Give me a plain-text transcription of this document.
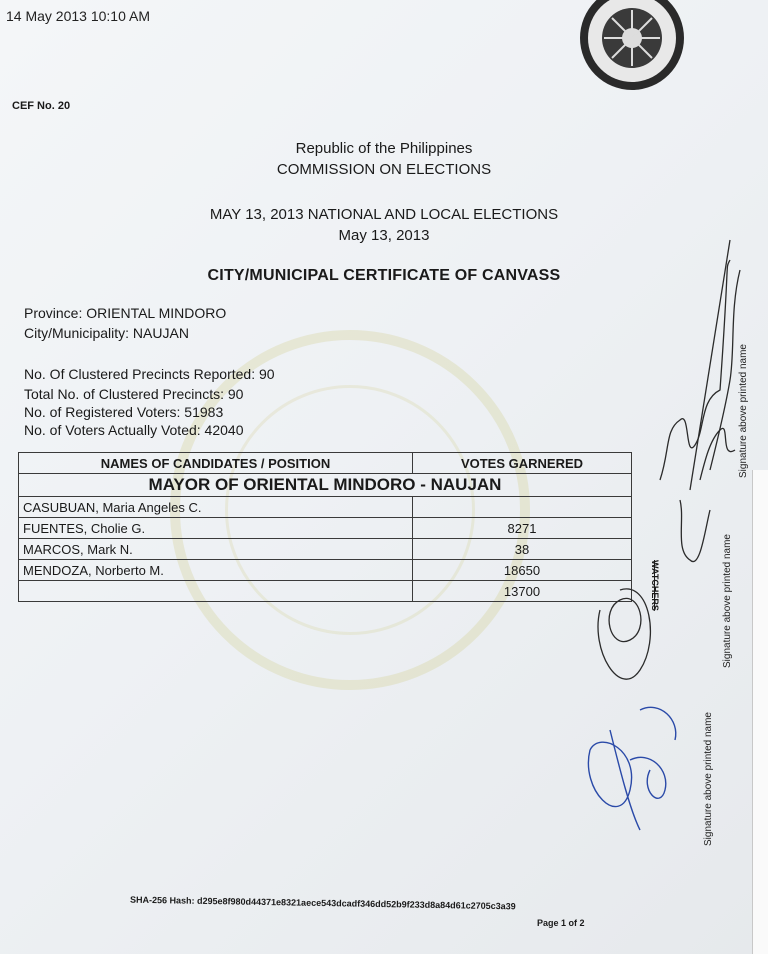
14 May 2013 10:10 AM
CEF No. 20
Republic of the Philippines
COMMISSION ON ELECTIONS
MAY 13, 2013 NATIONAL AND LOCAL ELECTIONS
May 13, 2013
CITY/MUNICIPAL CERTIFICATE OF CANVASS
Province: ORIENTAL MINDORO
City/Municipality: NAUJAN
No. Of Clustered Precincts Reported: 90
Total No. of Clustered Precincts: 90
No. of Registered Voters: 51983
No. of Voters Actually Voted: 42040
NAMES OF CANDIDATES / POSITION	VOTES GARNERED
MAYOR OF ORIENTAL MINDORO - NAUJAN	
CASUBUAN, Maria Angeles C.	
FUENTES, Cholie G.	8271
MARCOS, Mark N.	38
MENDOZA, Norberto M.	18650
	13700	WATCHERS
Signature above printed name
Signature above printed name
Signature above printed name
SHA-256 Hash: d295e8f980d44371e8321aece543dcadf346dd52b9f233d8a84d61c2705c3a39
Page 1 of 2
